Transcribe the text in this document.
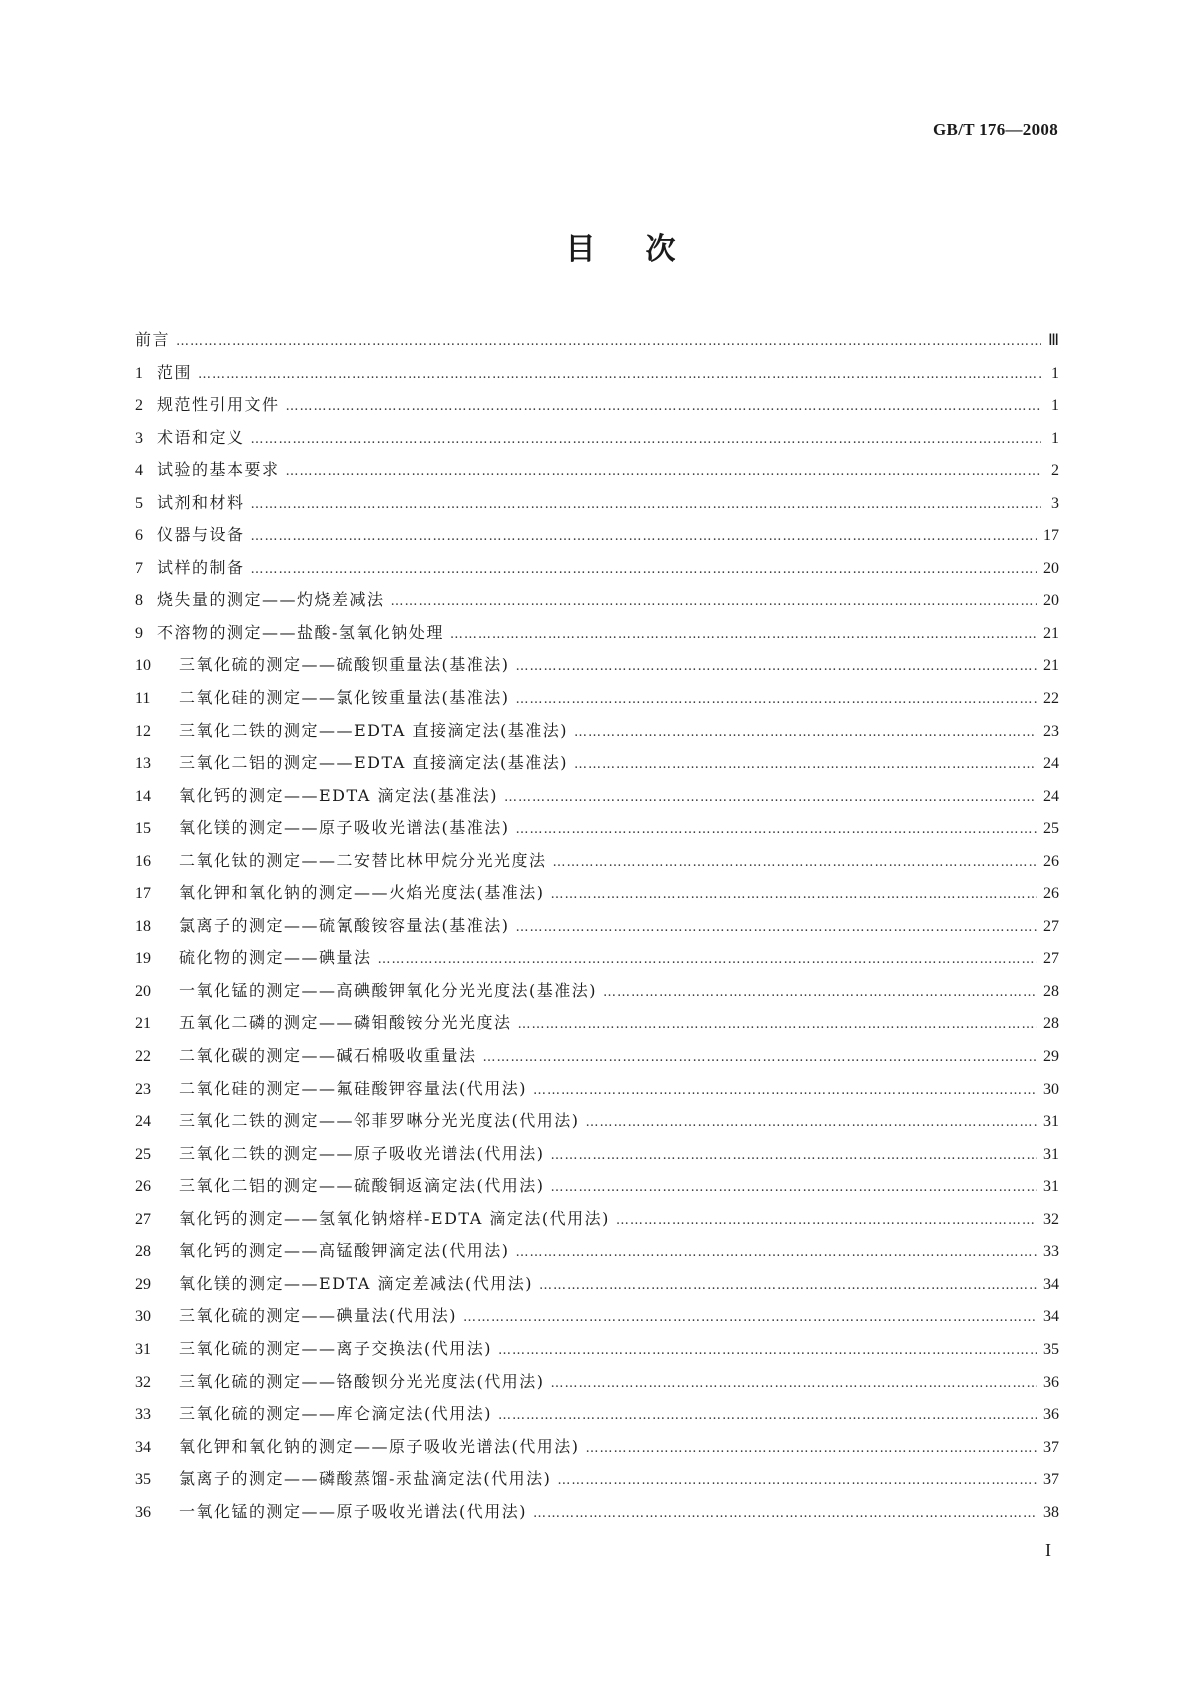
GB/T 176—2008
目次
前言 ………………………………………………………………………………………………………………………………………………………………………………………………………………	Ⅲ
1 范围 ………………………………………………………………………………………………………………………………………………………………………………………………………………	1
2 规范性引用文件 ………………………………………………………………………………………………………………………………………………………………………………………………………………	1
3 术语和定义 ………………………………………………………………………………………………………………………………………………………………………………………………………………	1
4 试验的基本要求 ………………………………………………………………………………………………………………………………………………………………………………………………………………	2
5 试剂和材料 ………………………………………………………………………………………………………………………………………………………………………………………………………………	3
6 仪器与设备 ………………………………………………………………………………………………………………………………………………………………………………………………………………	17
7 试样的制备 ………………………………………………………………………………………………………………………………………………………………………………………………………………	20
8 烧失量的测定——灼烧差减法 ………………………………………………………………………………………………………………………………………………………………………………………………………………	20
9 不溶物的测定——盐酸-氢氧化钠处理 ………………………………………………………………………………………………………………………………………………………………………………………………………………	21
10	三氧化硫的测定——硫酸钡重量法(基准法) ………………………………………………………………………………………………………………………………………………………………………………………………………………	21
11	二氧化硅的测定——氯化铵重量法(基准法) ………………………………………………………………………………………………………………………………………………………………………………………………………………	22
12	三氧化二铁的测定——EDTA 直接滴定法(基准法) ………………………………………………………………………………………………………………………………………………………………………………………………………………	23
13	三氧化二铝的测定——EDTA 直接滴定法(基准法) ………………………………………………………………………………………………………………………………………………………………………………………………………………	24
14	氧化钙的测定——EDTA 滴定法(基准法) ………………………………………………………………………………………………………………………………………………………………………………………………………………	24
15	氧化镁的测定——原子吸收光谱法(基准法) ………………………………………………………………………………………………………………………………………………………………………………………………………………	25
16	二氧化钛的测定——二安替比林甲烷分光光度法 ………………………………………………………………………………………………………………………………………………………………………………………………………………	26
17	氧化钾和氧化钠的测定——火焰光度法(基准法) ………………………………………………………………………………………………………………………………………………………………………………………………………………	26
18	氯离子的测定——硫氰酸铵容量法(基准法) ………………………………………………………………………………………………………………………………………………………………………………………………………………	27
19	硫化物的测定——碘量法 ………………………………………………………………………………………………………………………………………………………………………………………………………………	27
20	一氧化锰的测定——高碘酸钾氧化分光光度法(基准法) ………………………………………………………………………………………………………………………………………………………………………………………………………………	28
21	五氧化二磷的测定——磷钼酸铵分光光度法 ………………………………………………………………………………………………………………………………………………………………………………………………………………	28
22	二氧化碳的测定——碱石棉吸收重量法 ………………………………………………………………………………………………………………………………………………………………………………………………………………	29
23	二氧化硅的测定——氟硅酸钾容量法(代用法) ………………………………………………………………………………………………………………………………………………………………………………………………………………	30
24	三氧化二铁的测定——邻菲罗啉分光光度法(代用法) ………………………………………………………………………………………………………………………………………………………………………………………………………………	31
25	三氧化二铁的测定——原子吸收光谱法(代用法) ………………………………………………………………………………………………………………………………………………………………………………………………………………	31
26	三氧化二铝的测定——硫酸铜返滴定法(代用法) ………………………………………………………………………………………………………………………………………………………………………………………………………………	31
27	氧化钙的测定——氢氧化钠熔样-EDTA 滴定法(代用法) ………………………………………………………………………………………………………………………………………………………………………………………………………………	32
28	氧化钙的测定——高锰酸钾滴定法(代用法) ………………………………………………………………………………………………………………………………………………………………………………………………………………	33
29	氧化镁的测定——EDTA 滴定差减法(代用法) ………………………………………………………………………………………………………………………………………………………………………………………………………………	34
30	三氧化硫的测定——碘量法(代用法) ………………………………………………………………………………………………………………………………………………………………………………………………………………	34
31	三氧化硫的测定——离子交换法(代用法) ………………………………………………………………………………………………………………………………………………………………………………………………………………	35
32	三氧化硫的测定——铬酸钡分光光度法(代用法) ………………………………………………………………………………………………………………………………………………………………………………………………………………	36
33	三氧化硫的测定——库仑滴定法(代用法) ………………………………………………………………………………………………………………………………………………………………………………………………………………	36
34	氧化钾和氧化钠的测定——原子吸收光谱法(代用法) ………………………………………………………………………………………………………………………………………………………………………………………………………………	37
35	氯离子的测定——磷酸蒸馏-汞盐滴定法(代用法) ………………………………………………………………………………………………………………………………………………………………………………………………………………	37
36	一氧化锰的测定——原子吸收光谱法(代用法) ………………………………………………………………………………………………………………………………………………………………………………………………………………	38
I
